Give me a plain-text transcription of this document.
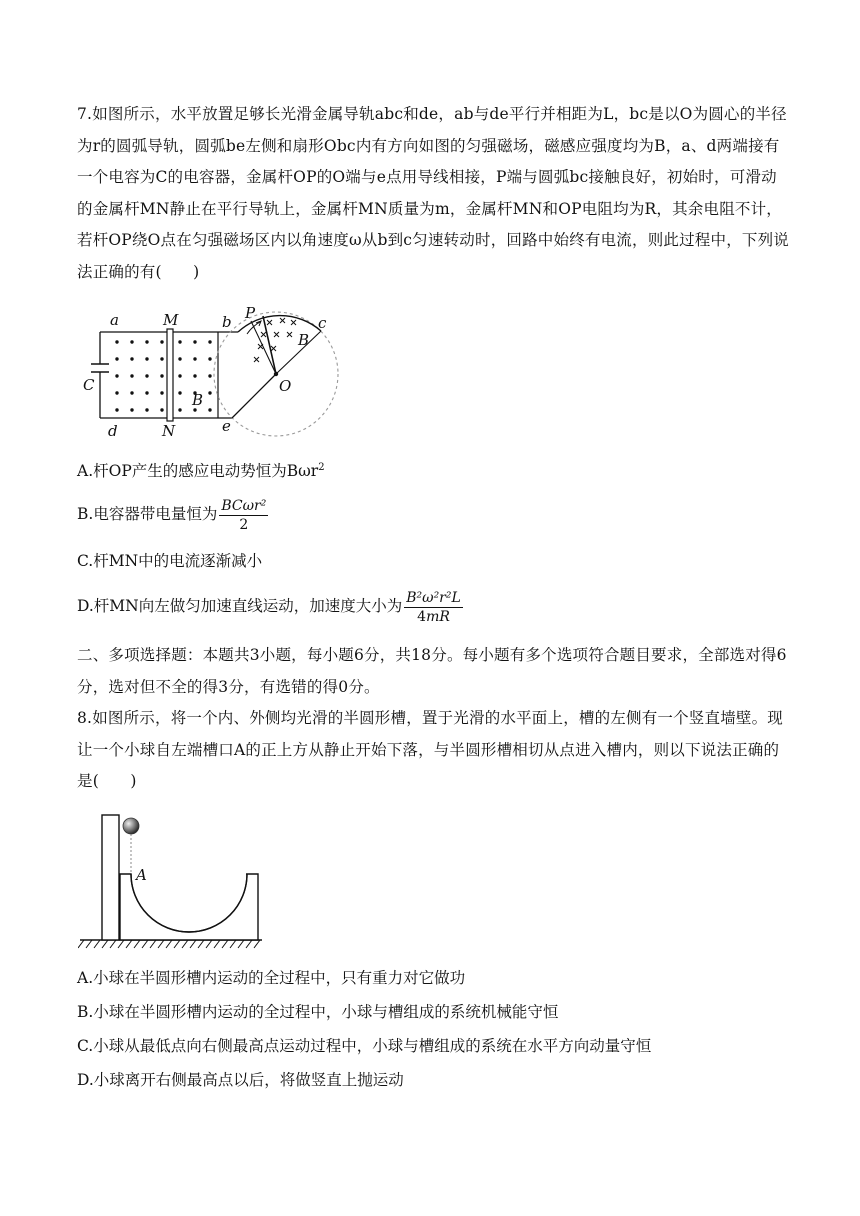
7.如图所示，水平放置足够长光滑金属导轨abc和de，ab与de平行并相距为L，bc是以O为圆心的半径为r的圆弧导轨，圆弧be左侧和扇形Obc内有方向如图的匀强磁场，磁感应强度均为B，a、d两端接有一个电容为C的电容器，金属杆OP的O端与e点用导线相接，P端与圆弧bc接触良好，初始时，可滑动的金属杆MN静止在平行导轨上，金属杆MN质量为m，金属杆MN和OP电阻均为R，其余电阻不计，若杆OP绕O点在匀强磁场区内以角速度ω从b到c匀速转动时，回路中始终有电流，则此过程中，下列说法正确的有(　　)
a	M	b P
c
B
C	O
B
d	N	e
A.杆OP产生的感应电动势恒为Bωr$^2$
B.电容器带电量恒为 $\frac{\text{BCωr²}}{2}$
C.杆MN中的电流逐渐减小
D.杆MN向左做匀加速直线运动，加速度大小为 $\frac{\text{B²ω²r²L}}{4mR}$
二、多项选择题：本题共3小题，每小题6分，共18分。每小题有多个选项符合题目要求，全部选对得6分，选对但不全的得3分，有选错的得0分。
8.如图所示，将一个内、外侧均光滑的半圆形槽，置于光滑的水平面上，槽的左侧有一个竖直墙壁。现让一个小球自左端槽口A的正上方从静止开始下落，与半圆形槽相切从点进入槽内，则以下说法正确的是(　　)
A
A.小球在半圆形槽内运动的全过程中，只有重力对它做功
B.小球在半圆形槽内运动的全过程中，小球与槽组成的系统机械能守恒
C.小球从最低点向右侧最高点运动过程中，小球与槽组成的系统在水平方向动量守恒
D.小球离开右侧最高点以后，将做竖直上抛运动
